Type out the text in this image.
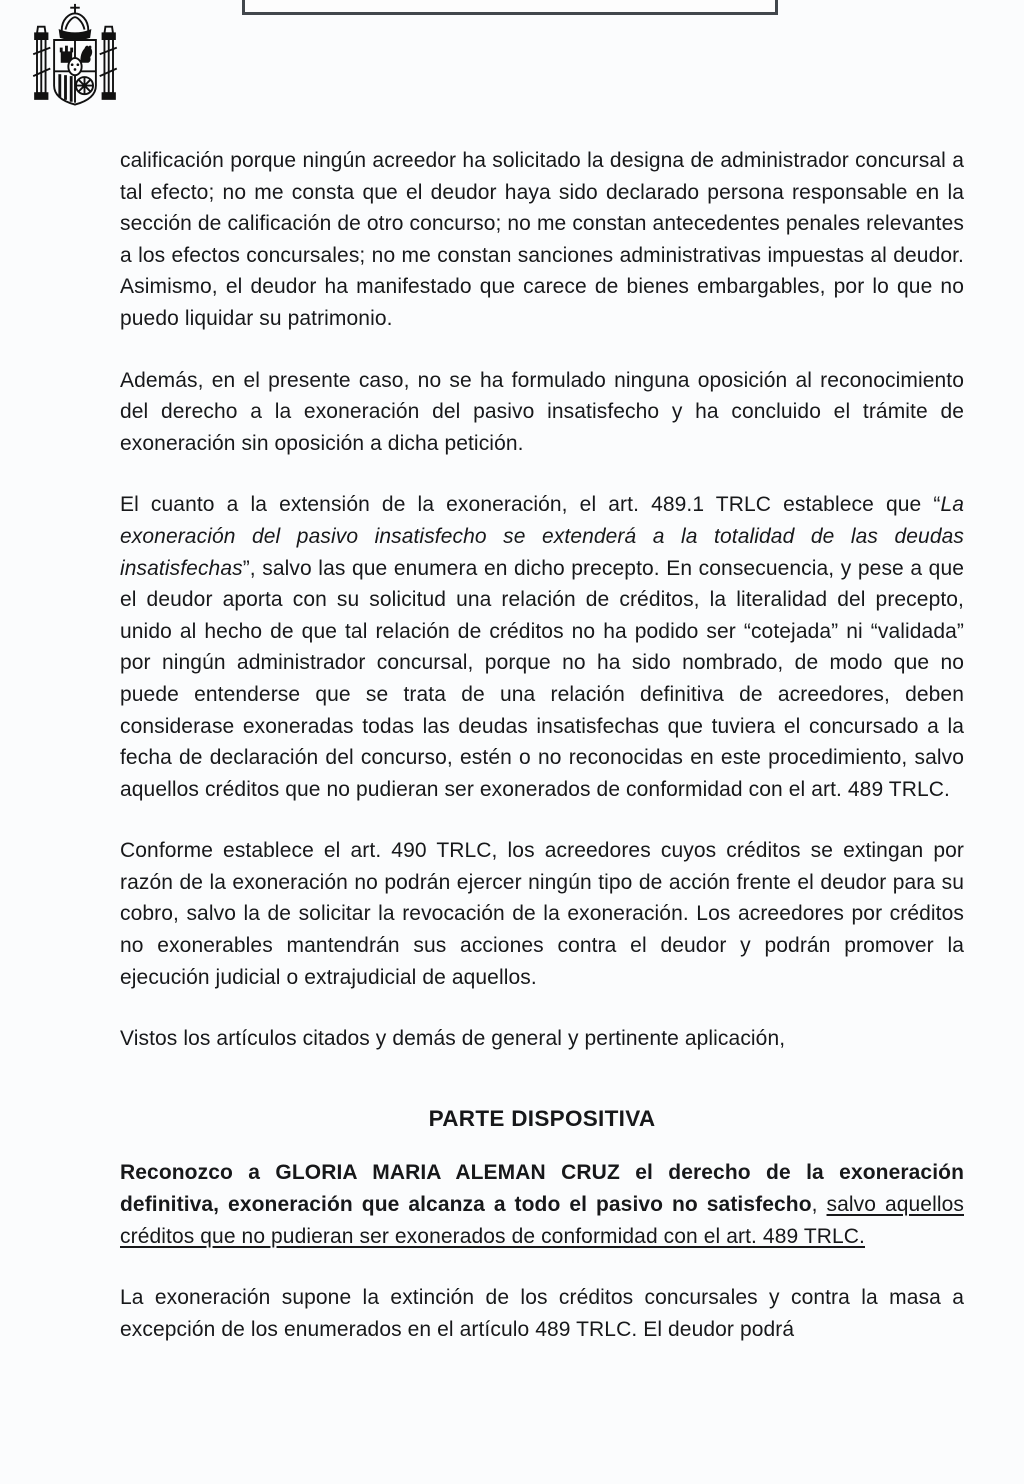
calificación porque ningún acreedor ha solicitado la designa de administrador concursal a tal efecto; no me consta que el deudor haya sido declarado persona responsable en la sección de calificación de otro concurso; no me constan antecedentes penales relevantes a los efectos concursales; no me constan sanciones administrativas impuestas al deudor. Asimismo, el deudor ha manifestado que carece de bienes embargables, por lo que no puedo liquidar su patrimonio.

Además, en el presente caso, no se ha formulado ninguna oposición al reconocimiento del derecho a la exoneración del pasivo insatisfecho y ha concluido el trámite de exoneración sin oposición a dicha petición.

El cuanto a la extensión de la exoneración, el art. 489.1 TRLC establece que “La exoneración del pasivo insatisfecho se extenderá a la totalidad de las deudas insatisfechas”, salvo las que enumera en dicho precepto. En consecuencia, y pese a que el deudor aporta con su solicitud una relación de créditos, la literalidad del precepto, unido al hecho de que tal relación de créditos no ha podido ser “cotejada” ni “validada” por ningún administrador concursal, porque no ha sido nombrado, de modo que no puede entenderse que se trata de una relación definitiva de acreedores, deben considerase exoneradas todas las deudas insatisfechas que tuviera el concursado a la fecha de declaración del concurso, estén o no reconocidas en este procedimiento, salvo aquellos créditos que no pudieran ser exonerados de conformidad con el art. 489 TRLC.

Conforme establece el art. 490 TRLC, los acreedores cuyos créditos se extingan por razón de la exoneración no podrán ejercer ningún tipo de acción frente el deudor para su cobro, salvo la de solicitar la revocación de la exoneración. Los acreedores por créditos no exonerables mantendrán sus acciones contra el deudor y podrán promover la ejecución judicial o extrajudicial de aquellos.

Vistos los artículos citados y demás de general y pertinente aplicación,

PARTE DISPOSITIVA

Reconozco a GLORIA MARIA ALEMAN CRUZ el derecho de la exoneración definitiva, exoneración que alcanza a todo el pasivo no satisfecho, salvo aquellos créditos que no pudieran ser exonerados de conformidad con el art. 489 TRLC.

La exoneración supone la extinción de los créditos concursales y contra la masa a excepción de los enumerados en el artículo 489 TRLC. El deudor podrá
